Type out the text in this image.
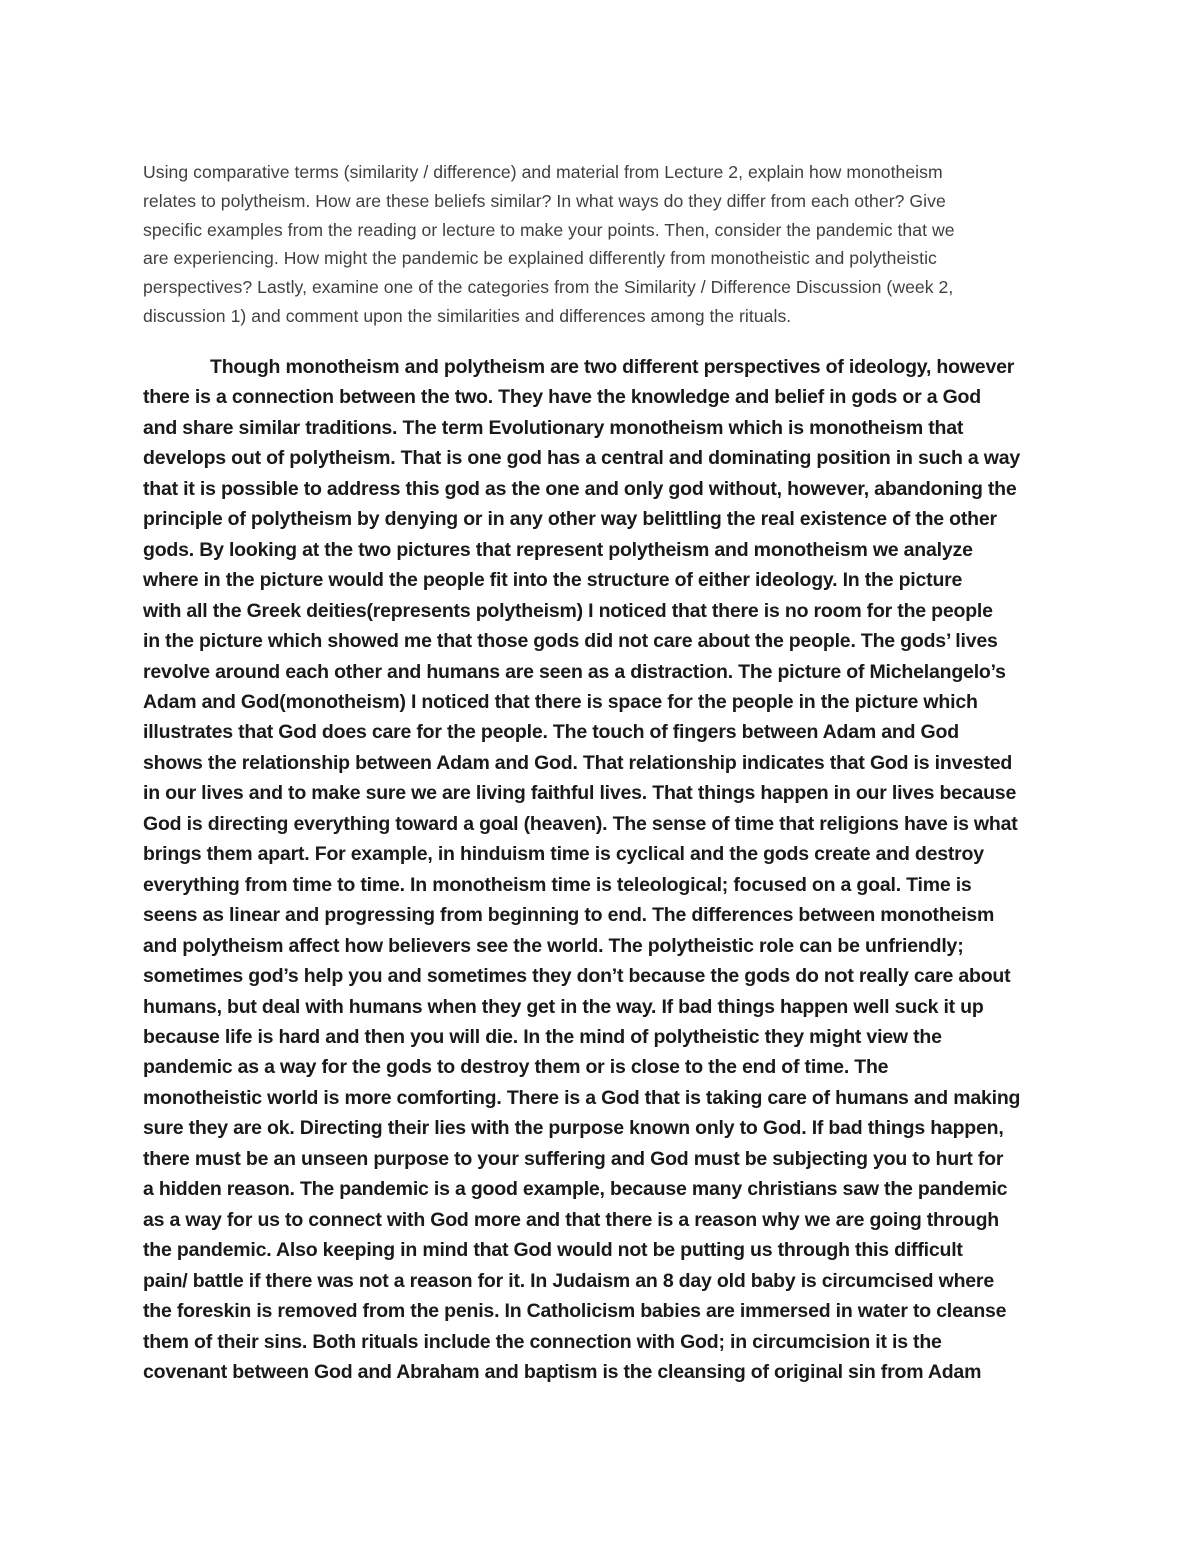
Using comparative terms (similarity / difference) and material from Lecture 2, explain how monotheism
relates to polytheism. How are these beliefs similar? In what ways do they differ from each other? Give
specific examples from the reading or lecture to make your points. Then, consider the pandemic that we
are experiencing. How might the pandemic be explained differently from monotheistic and polytheistic
perspectives? Lastly, examine one of the categories from the Similarity / Difference Discussion (week 2,
discussion 1) and comment upon the similarities and differences among the rituals.
Though monotheism and polytheism are two different perspectives of ideology, however
there is a connection between the two. They have the knowledge and belief in gods or a God
and share similar traditions. The term Evolutionary monotheism which is monotheism that
develops out of polytheism. That is one god has a central and dominating position in such a way
that it is possible to address this god as the one and only god without, however, abandoning the
principle of polytheism by denying or in any other way belittling the real existence of the other
gods. By looking at the two pictures that represent polytheism and monotheism we analyze
where in the picture would the people fit into the structure of either ideology. In the picture
with all the Greek deities(represents polytheism) I noticed that there is no room for the people
in the picture which showed me that those gods did not care about the people. The gods’ lives
revolve around each other and humans are seen as a distraction. The picture of Michelangelo’s
Adam and God(monotheism) I noticed that there is space for the people in the picture which
illustrates that God does care for the people. The touch of fingers between Adam and God
shows the relationship between Adam and God. That relationship indicates that God is invested
in our lives and to make sure we are living faithful lives. That things happen in our lives because
God is directing everything toward a goal (heaven). The sense of time that religions have is what
brings them apart. For example, in hinduism time is cyclical and the gods create and destroy
everything from time to time. In monotheism time is teleological; focused on a goal. Time is
seens as linear and progressing from beginning to end. The differences between monotheism
and polytheism affect how believers see the world. The polytheistic role can be unfriendly;
sometimes god’s help you and sometimes they don’t because the gods do not really care about
humans, but deal with humans when they get in the way. If bad things happen well suck it up
because life is hard and then you will die. In the mind of polytheistic they might view the
pandemic as a way for the gods to destroy them or is close to the end of time. The
monotheistic world is more comforting. There is a God that is taking care of humans and making
sure they are ok. Directing their lies with the purpose known only to God. If bad things happen,
there must be an unseen purpose to your suffering and God must be subjecting you to hurt for
a hidden reason. The pandemic is a good example, because many christians saw the pandemic
as a way for us to connect with God more and that there is a reason why we are going through
the pandemic. Also keeping in mind that God would not be putting us through this difficult
pain/ battle if there was not a reason for it. In Judaism an 8 day old baby is circumcised where
the foreskin is removed from the penis. In Catholicism babies are immersed in water to cleanse
them of their sins. Both rituals include the connection with God; in circumcision it is the
covenant between God and Abraham and baptism is the cleansing of original sin from Adam
